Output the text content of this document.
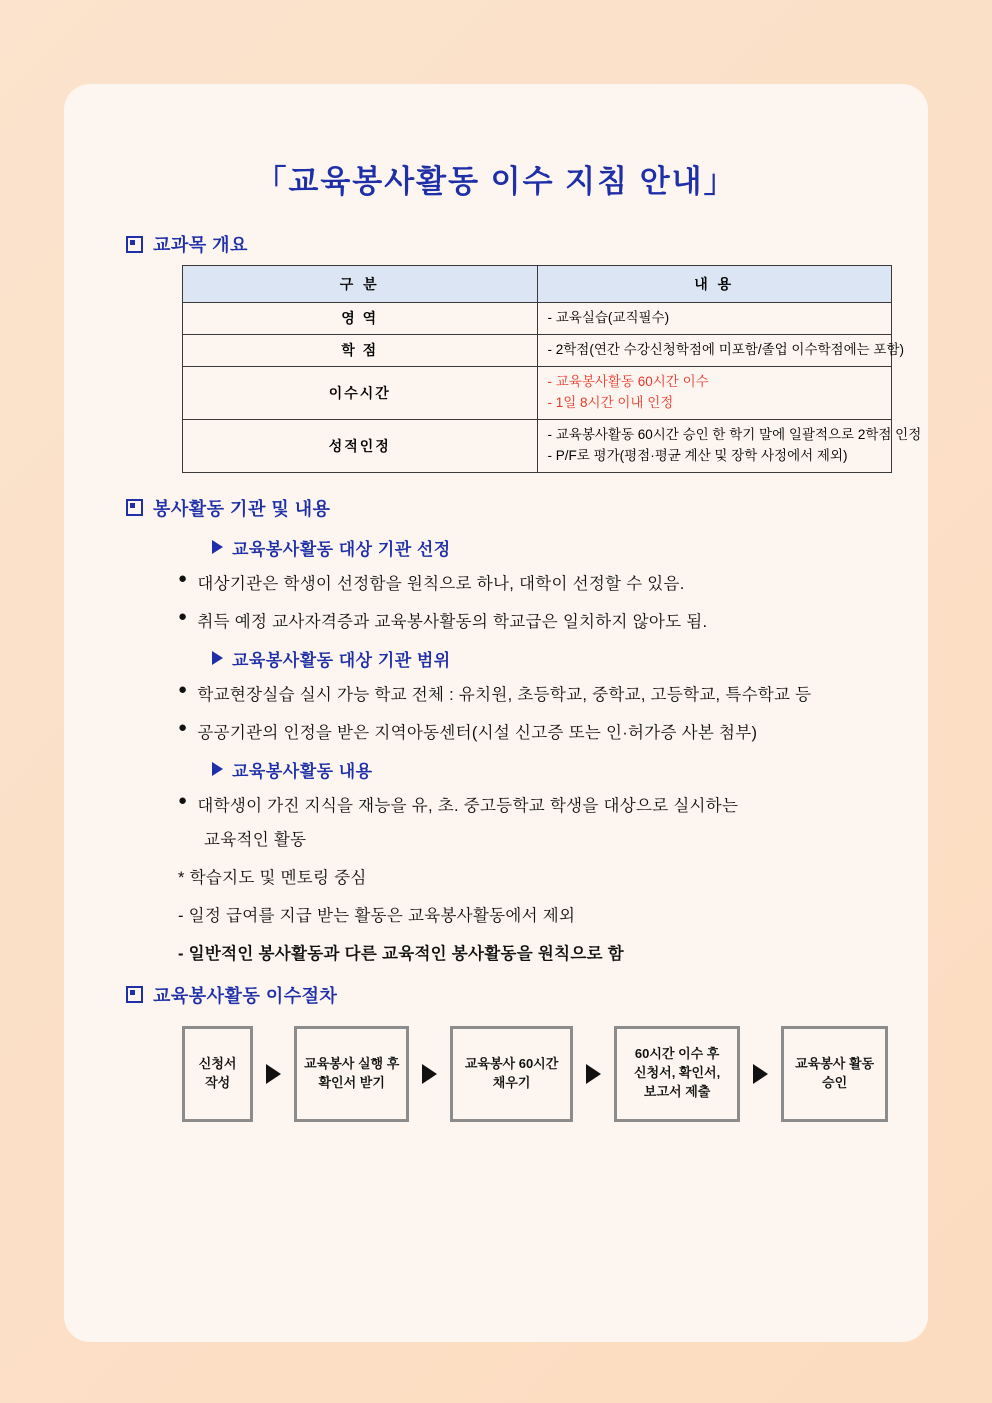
「교육봉사활동 이수 지침 안내」
교과목 개요
구 분	내 용
영 역	- 교육실습(교직필수)

학 점	- 2학점(연간 수강신청학점에 미포함/졸업 이수학점에는 포함)

이수시간	- 교육봉사활동 60시간 이수
- 1일 8시간 이내 인정

성적인정	- 교육봉사활동 60시간 승인 한 학기 말에 일괄적으로 2학점 인정
- P/F로 평가(평점·평균 계산 및 장학 사정에서 제외)
봉사활동 기관 및 내용
교육봉사활동 대상 기관 선정
● 대상기관은 학생이 선정함을 원칙으로 하나, 대학이 선정할 수 있음.
● 취득 예정 교사자격증과 교육봉사활동의 학교급은 일치하지 않아도 됨.
교육봉사활동 대상 기관 범위
● 학교현장실습 실시 가능 학교 전체 : 유치원, 초등학교, 중학교, 고등학교, 특수학교 등
● 공공기관의 인정을 받은 지역아동센터(시설 신고증 또는 인·허가증 사본 첨부)
교육봉사활동 내용
● 대학생이 가진 지식을 재능을 유, 초. 중고등학교 학생을 대상으로 실시하는
교육적인 활동
* 학습지도 및 멘토링 중심
- 일정 급여를 지급 받는 활동은 교육봉사활동에서 제외
- 일반적인 봉사활동과 다른 교육적인 봉사활동을 원칙으로 함
교육봉사활동 이수절차
신청서
작성
교육봉사 실행 후
확인서 받기
교육봉사 60시간
채우기
60시간 이수 후
신청서, 확인서,
보고서 제출
교육봉사 활동
승인
